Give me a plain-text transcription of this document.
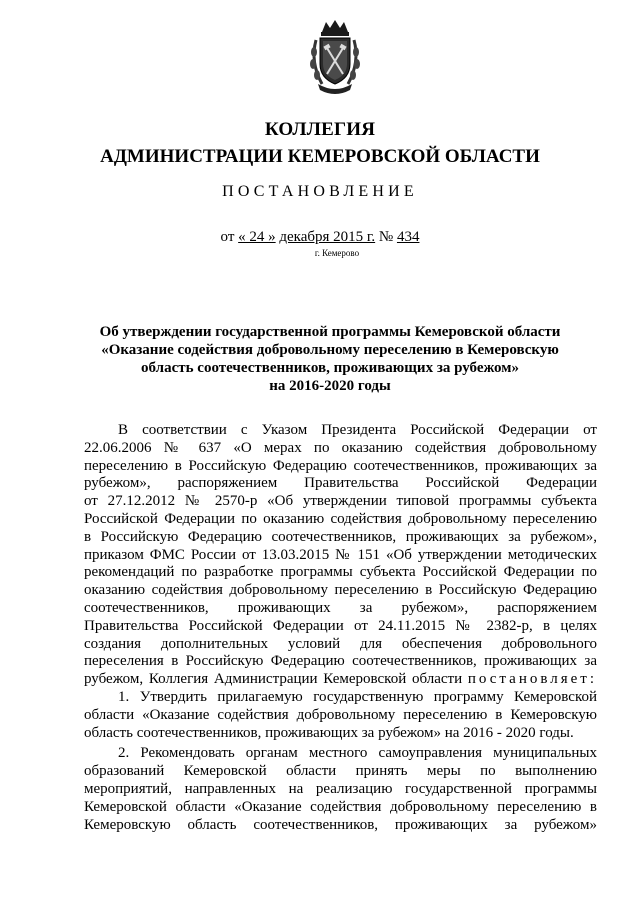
КОЛЛЕГИЯ
АДМИНИСТРАЦИИ КЕМЕРОВСКОЙ ОБЛАСТИ
ПОСТАНОВЛЕНИЕ
от « 24 » декабря 2015 г. № 434
г. Кемерово
Об утверждении государственной программы Кемеровской области
«Оказание содействия добровольному переселению в Кемеровскую
область соотечественников, проживающих за рубежом»
на 2016-2020 годы
В соответствии с Указом Президента Российской Федерации от
22.06.2006 № 637 «О мерах по оказанию содействия добровольному
переселению в Российскую Федерацию соотечественников, проживающих за
рубежом», распоряжением Правительства Российской Федерации
от 27.12.2012 № 2570-р «Об утверждении типовой программы субъекта
Российской Федерации по оказанию содействия добровольному переселению
в Российскую Федерацию соотечественников, проживающих за рубежом»,
приказом ФМС России от 13.03.2015 № 151 «Об утверждении методических
рекомендаций по разработке программы субъекта Российской Федерации по
оказанию содействия добровольному переселению в Российскую Федерацию
соотечественников, проживающих за рубежом», распоряжением
Правительства Российской Федерации от 24.11.2015 № 2382-р, в целях
создания дополнительных условий для обеспечения добровольного
переселения в Российскую Федерацию соотечественников, проживающих за
рубежом, Коллегия Администрации Кемеровской области постановляет:
1. Утвердить прилагаемую государственную программу Кемеровской
области «Оказание содействия добровольному переселению в Кемеровскую
область соотечественников, проживающих за рубежом» на 2016 - 2020 годы.
2. Рекомендовать органам местного самоуправления муниципальных
образований Кемеровской области принять меры по выполнению
мероприятий, направленных на реализацию государственной программы
Кемеровской области «Оказание содействия добровольному переселению в
Кемеровскую область соотечественников, проживающих за рубежом»
